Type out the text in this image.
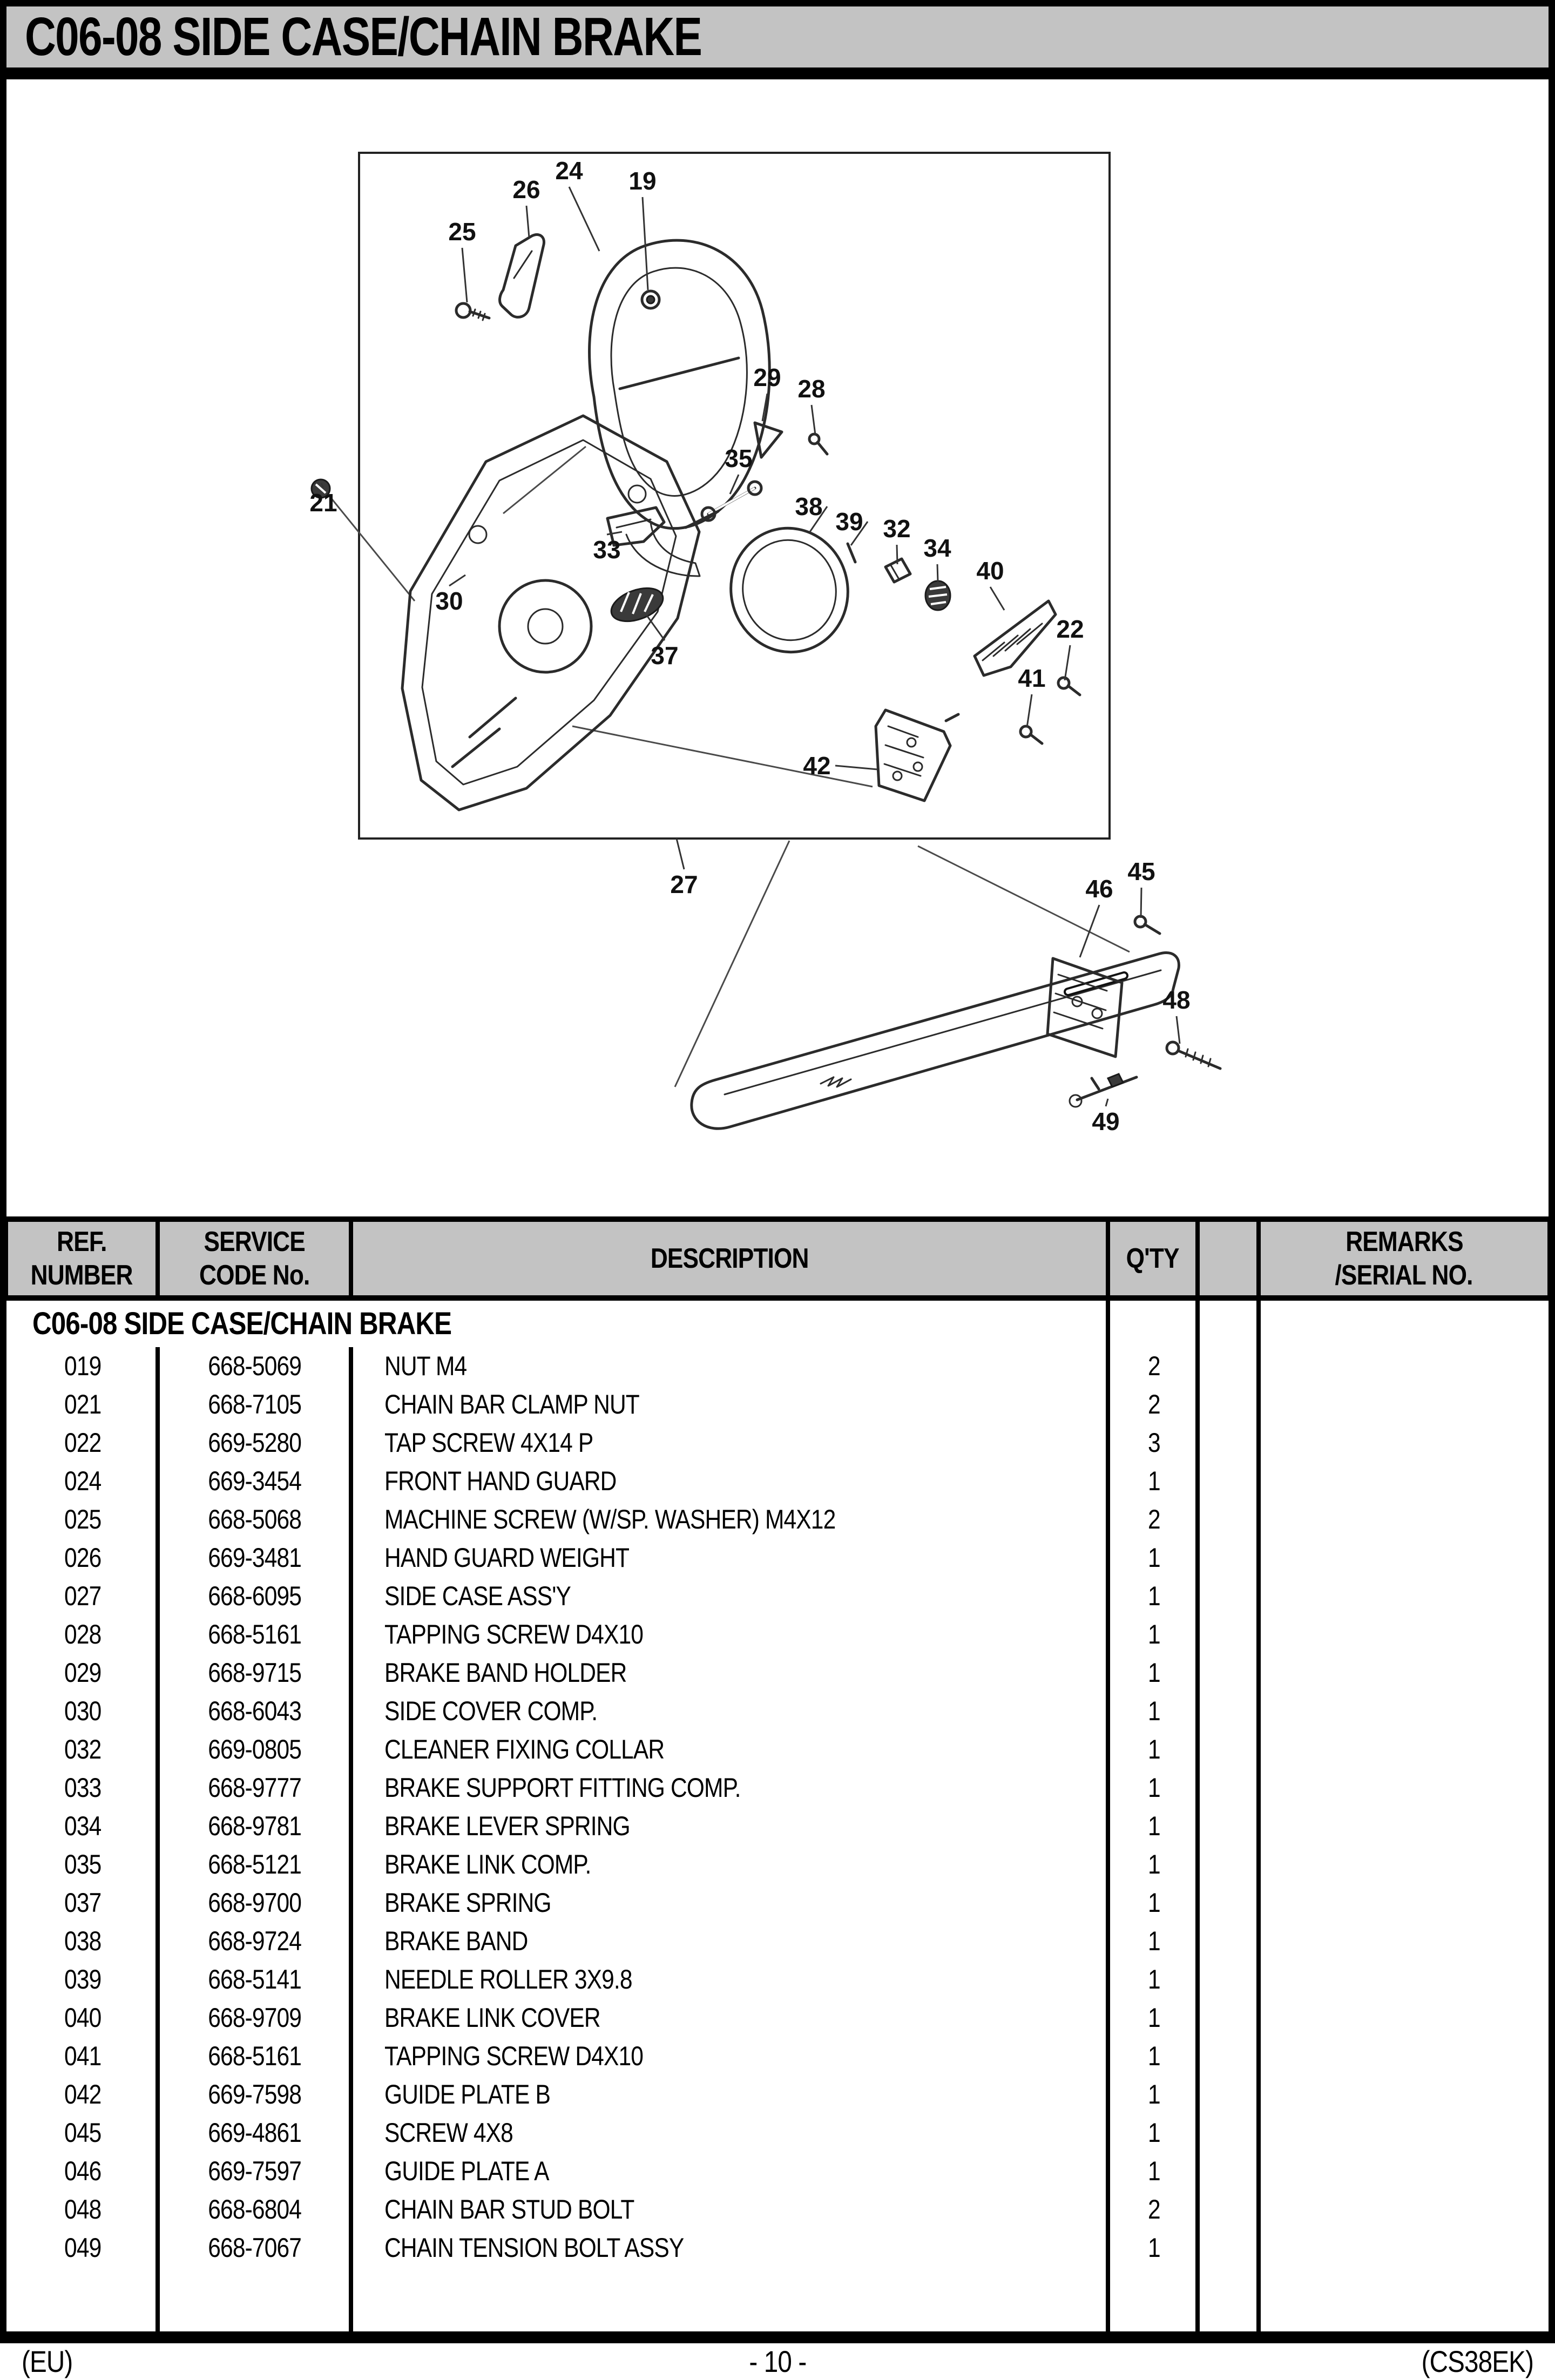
C06-08 SIDE CASE/CHAIN BRAKE
25
26
24 19
29 28
21
35
38
39 32
34
40
33
30
37
22
41
42
27	45
46
48
49
REF.
NUMBER
SERVICE
CODE No.
DESCRIPTION	Q'TY
REMARKS
/SERIAL NO.
C06-08 SIDE CASE/CHAIN BRAKE
019	668-5069	NUT M4	2
021	668-7105	CHAIN BAR CLAMP NUT	2
022	669-5280	TAP SCREW 4X14 P	3
024	669-3454	FRONT HAND GUARD	1
025	668-5068	MACHINE SCREW (W/SP. WASHER) M4X12	2
026	669-3481	HAND GUARD WEIGHT	1
027	668-6095	SIDE CASE ASS'Y	1
028	668-5161	TAPPING SCREW D4X10	1
029	668-9715	BRAKE BAND HOLDER	1
030	668-6043	SIDE COVER COMP.	1
032	669-0805	CLEANER FIXING COLLAR	1
033	668-9777	BRAKE SUPPORT FITTING COMP.	1
034	668-9781	BRAKE LEVER SPRING	1
035	668-5121	BRAKE LINK COMP.	1
037	668-9700	BRAKE SPRING	1
038	668-9724	BRAKE BAND	1
039	668-5141	NEEDLE ROLLER 3X9.8	1
040	668-9709	BRAKE LINK COVER	1
041	668-5161	TAPPING SCREW D4X10	1
042	669-7598	GUIDE PLATE B	1
045	669-4861	SCREW 4X8	1
046	669-7597	GUIDE PLATE A	1
048	668-6804	CHAIN BAR STUD BOLT	2
049	668-7067	CHAIN TENSION BOLT ASSY	1
(EU)	- 10 -	(CS38EK)
